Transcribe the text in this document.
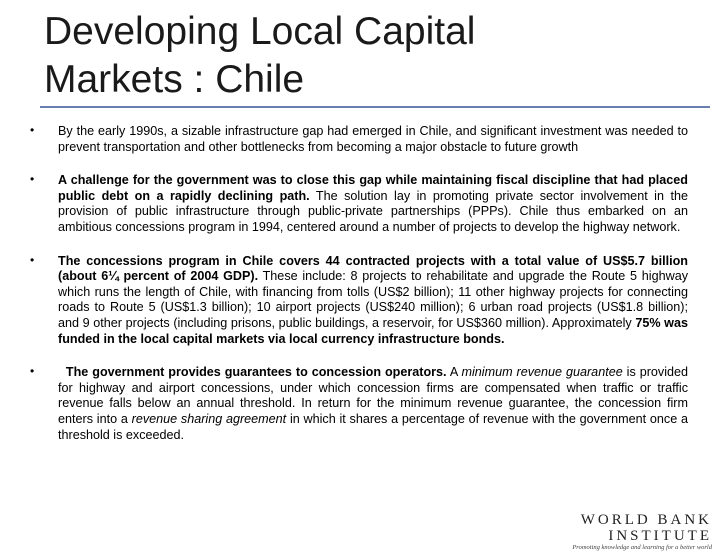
Developing Local Capital
Markets : Chile
• By the early 1990s, a sizable infrastructure gap had emerged in Chile, and significant investment was needed to prevent transportation and other bottlenecks from becoming a major obstacle to future growth
• A challenge for the government was to close this gap while maintaining fiscal discipline that had placed public debt on a rapidly declining path. The solution lay in promoting private sector involvement in the provision of public infrastructure through public-private partnerships (PPPs). Chile thus embarked on an ambitious concessions program in 1994, centered around a number of projects to develop the highway network.
• The concessions program in Chile covers 44 contracted projects with a total value of US$5.7 billion (about 6¼ percent of 2004 GDP). These include: 8 projects to rehabilitate and upgrade the Route 5 highway which runs the length of Chile, with financing from tolls (US$2 billion); 11 other highway projects for connecting roads to Route 5 (US$1.3 billion); 10 airport projects (US$240 million); 6 urban road projects (US$1.8 billion); and 9 other projects (including prisons, public buildings, a reservoir, for US$360 million). Approximately 75% was funded in the local capital markets via local currency infrastructure bonds.
•	The government provides guarantees to concession operators. A minimum revenue guarantee is provided for highway and airport concessions, under which concession firms are compensated when traffic or traffic revenue falls below an annual threshold. In return for the minimum revenue guarantee, the concession firm enters into a revenue sharing agreement in which it shares a percentage of revenue with the government once a threshold is exceeded.
WORLD BANK INSTITUTE
Promoting knowledge and learning for a better world
